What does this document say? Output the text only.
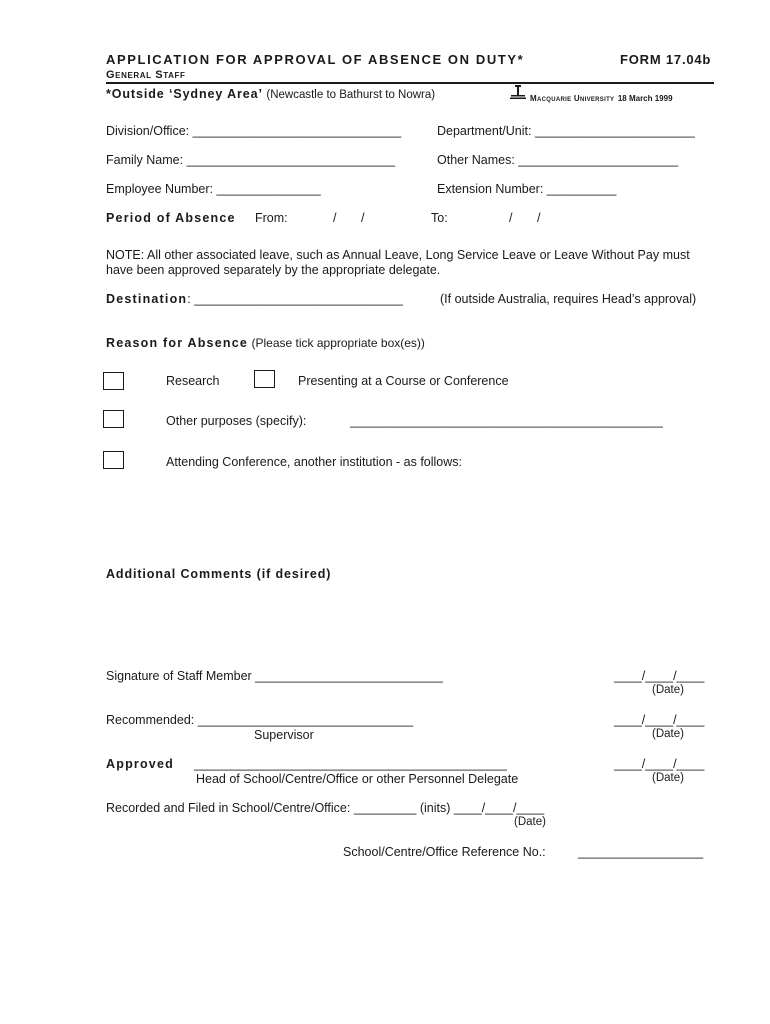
APPLICATION FOR APPROVAL OF ABSENCE ON DUTY*	FORM 17.04b
General Staff
*Outside ‘Sydney Area’ (Newcastle to Bathurst to Nowra)	Macquarie University 18 March 1999
Division/Office: ______________________________	Department/Unit: _______________________
Family Name: ______________________________	Other Names: _______________________
Employee Number: _______________	Extension Number: __________
Period of Absence From:	/ /	To:	/ /
NOTE: All other associated leave, such as Annual Leave, Long Service Leave or Leave Without Pay must
have been approved separately by the appropriate delegate.
Destination: ______________________________	(If outside Australia, requires Head’s approval)
Reason for Absence (Please tick appropriate box(es))
Research	Presenting at a Course or Conference
Other purposes (specify):	_____________________________________________
Attending Conference, another institution - as follows:
Additional Comments (if desired)
Signature of Staff Member ___________________________	____/____/____
(Date)
Recommended: _______________________________
Supervisor
____/____/____
(Date)
Approved _____________________________________________
Head of School/Centre/Office or other Personnel Delegate
____/____/____
(Date)
Recorded and Filed in School/Centre/Office: _________ (inits) ____/____/____
(Date)
School/Centre/Office Reference No.:	__________________
